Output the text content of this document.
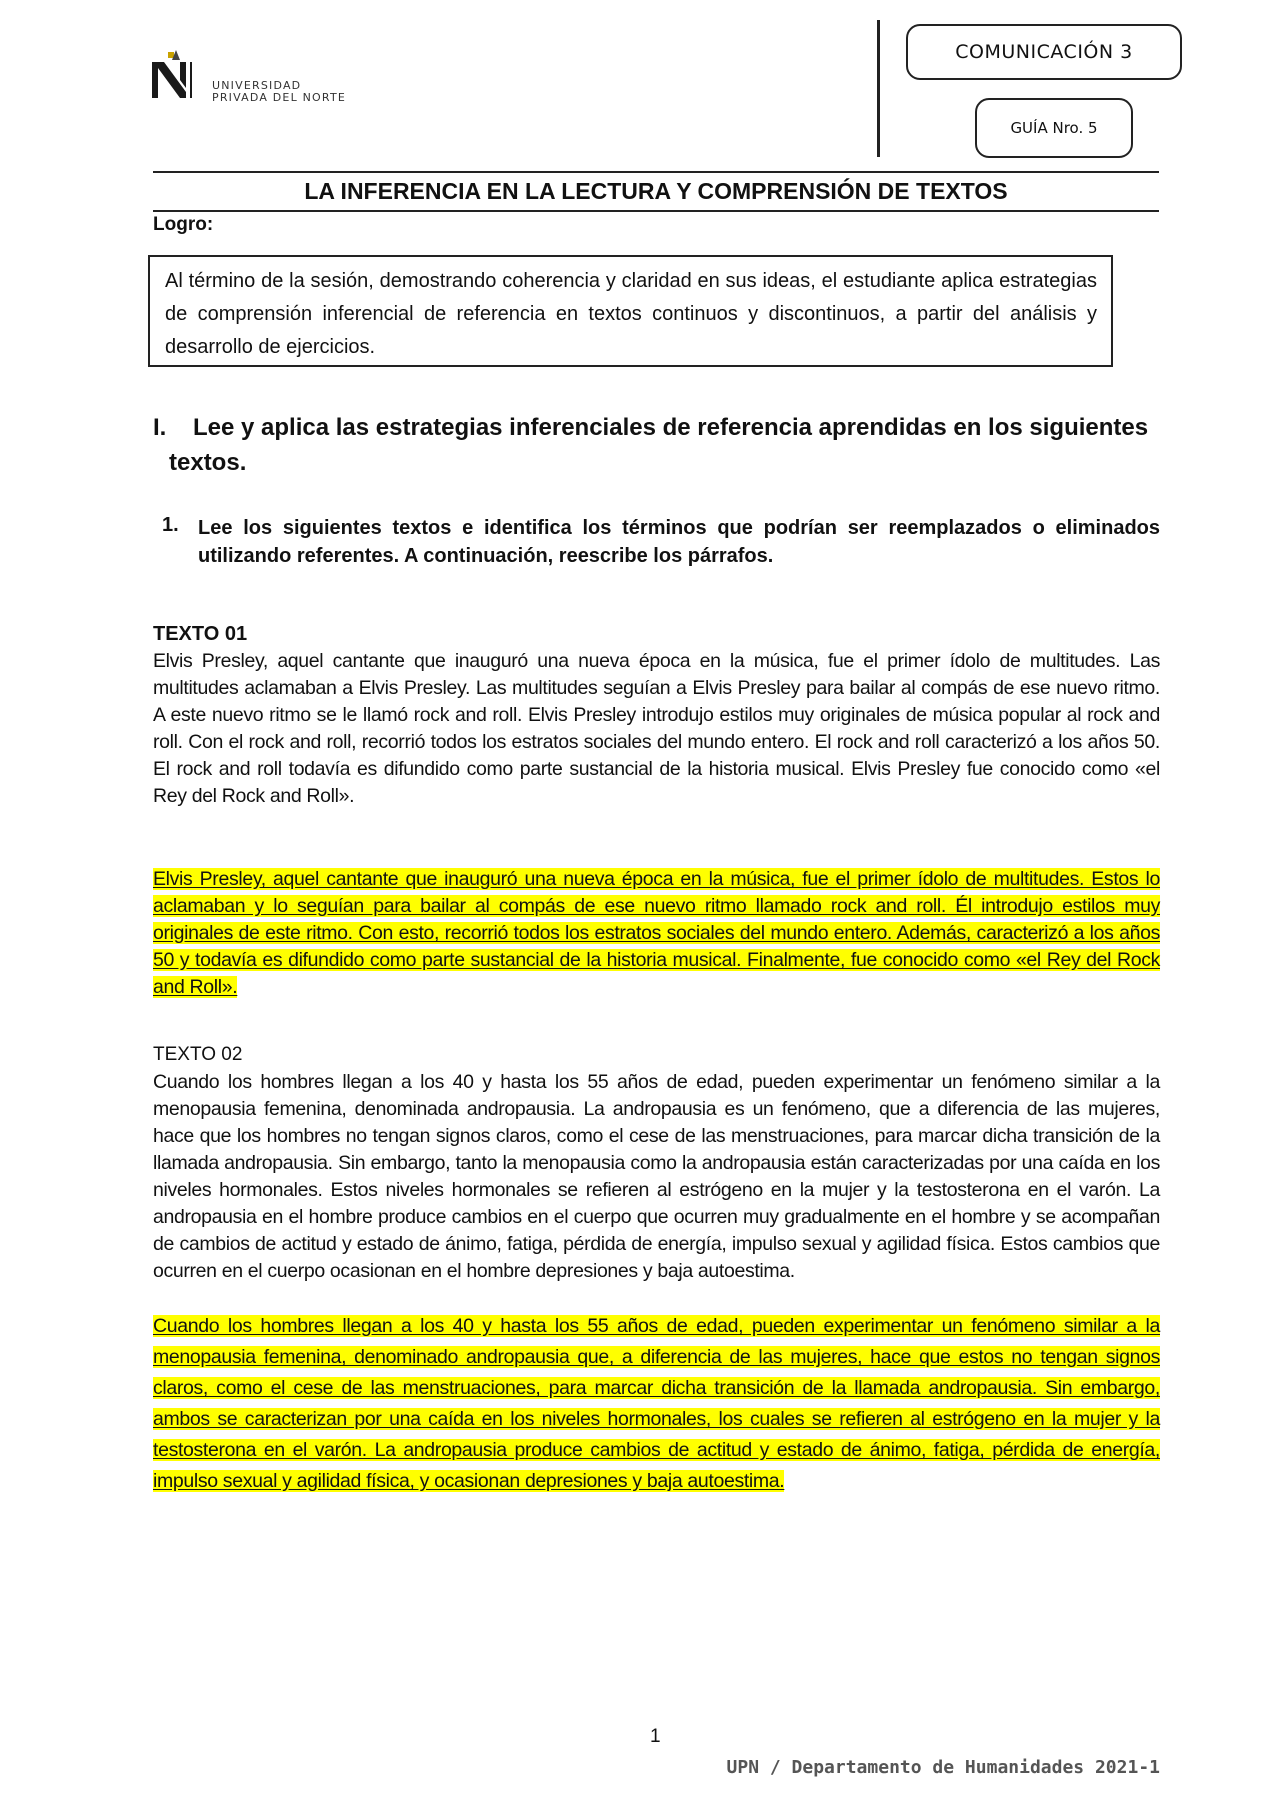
UNIVERSIDAD
PRIVADA DEL NORTE
COMUNICACIÓN 3
GUÍA Nro. 5
LA INFERENCIA EN LA LECTURA Y COMPRENSIÓN DE TEXTOS
Logro:
Al término de la sesión, demostrando coherencia y claridad en sus ideas, el estudiante aplica estrategias de comprensión inferencial de referencia en textos continuos y discontinuos, a partir del análisis y desarrollo de ejercicios.
I. Lee y aplica las estrategias inferenciales de referencia aprendidas en los siguientes
textos.
1. Lee los siguientes textos e identifica los términos que podrían ser reemplazados o eliminados utilizando referentes. A continuación, reescribe los párrafos.
TEXTO 01
Elvis Presley, aquel cantante que inauguró una nueva época en la música, fue el primer ídolo de multitudes. Las multitudes aclamaban a Elvis Presley. Las multitudes seguían a Elvis Presley para bailar al compás de ese nuevo ritmo. A este nuevo ritmo se le llamó rock and roll. Elvis Presley introdujo estilos muy originales de música popular al rock and roll. Con el rock and roll, recorrió todos los estratos sociales del mundo entero. El rock and roll caracterizó a los años 50. El rock and roll todavía es difundido como parte sustancial de la historia musical. Elvis Presley fue conocido como «el Rey del Rock and Roll».
Elvis Presley, aquel cantante que inauguró una nueva época en la música, fue el primer ídolo de multitudes. Estos lo aclamaban y lo seguían para bailar al compás de ese nuevo ritmo llamado rock and roll. Él introdujo estilos muy originales de este ritmo. Con esto, recorrió todos los estratos sociales del mundo entero. Además, caracterizó a los años 50 y todavía es difundido como parte sustancial de la historia musical. Finalmente, fue conocido como «el Rey del Rock and Roll».
TEXTO 02
Cuando los hombres llegan a los 40 y hasta los 55 años de edad, pueden experimentar un fenómeno similar a la menopausia femenina, denominada andropausia. La andropausia es un fenómeno, que a diferencia de las mujeres, hace que los hombres no tengan signos claros, como el cese de las menstruaciones, para marcar dicha transición de la llamada andropausia. Sin embargo, tanto la menopausia como la andropausia están caracterizadas por una caída en los niveles hormonales. Estos niveles hormonales se refieren al estrógeno en la mujer y la testosterona en el varón. La andropausia en el hombre produce cambios en el cuerpo que ocurren muy gradualmente en el hombre y se acompañan de cambios de actitud y estado de ánimo, fatiga, pérdida de energía, impulso sexual y agilidad física. Estos cambios que ocurren en el cuerpo ocasionan en el hombre depresiones y baja autoestima.
Cuando los hombres llegan a los 40 y hasta los 55 años de edad, pueden experimentar un fenómeno similar a la menopausia femenina, denominado andropausia que, a diferencia de las mujeres, hace que estos no tengan signos claros, como el cese de las menstruaciones, para marcar dicha transición de la llamada andropausia. Sin embargo, ambos se caracterizan por una caída en los niveles hormonales, los cuales se refieren al estrógeno en la mujer y la testosterona en el varón. La andropausia produce cambios de actitud y estado de ánimo, fatiga, pérdida de energía, impulso sexual y agilidad física, y ocasionan depresiones y baja autoestima.
1
UPN / Departamento de Humanidades 2021-1
